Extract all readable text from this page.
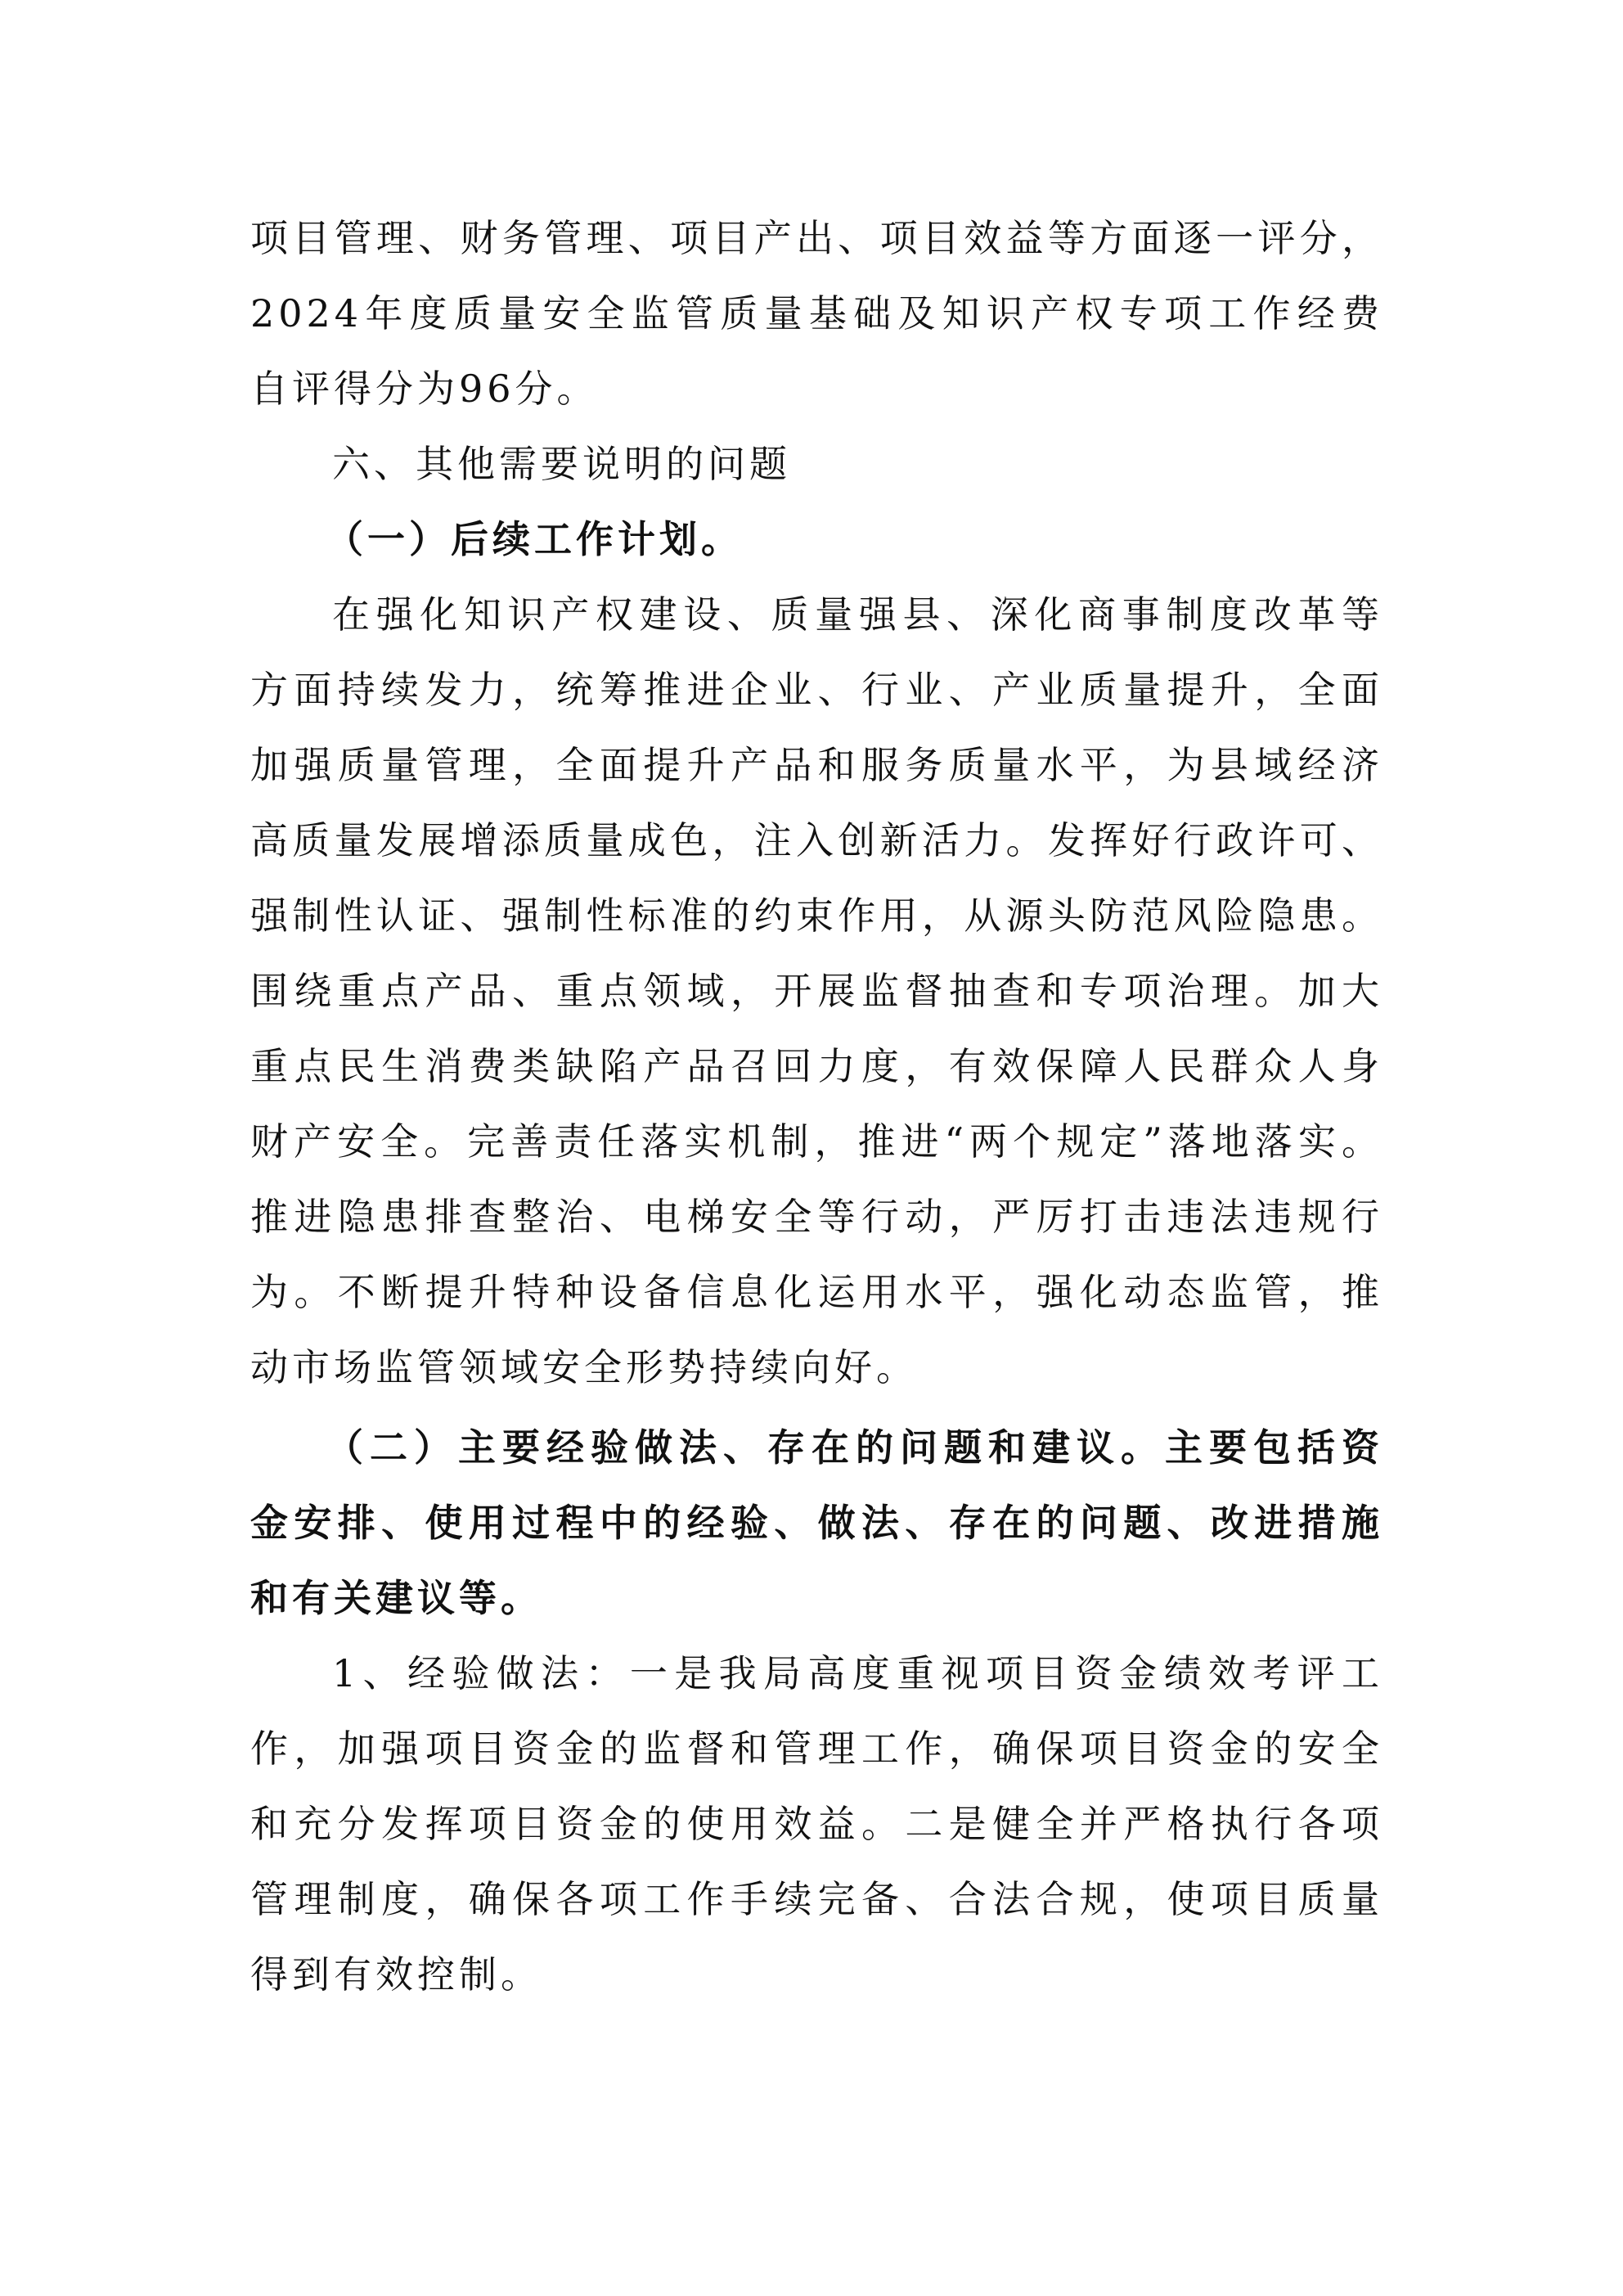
项目管理、财务管理、项目产出、项目效益等方面逐一评分，
2024年度质量安全监管质量基础及知识产权专项工作经费
自评得分为96分。
六、其他需要说明的问题
（一）后续工作计划。
在强化知识产权建设、质量强县、深化商事制度改革等
方面持续发力，统筹推进企业、行业、产业质量提升，全面
加强质量管理，全面提升产品和服务质量水平，为县域经济
高质量发展增添质量成色，注入创新活力。发挥好行政许可、
强制性认证、强制性标准的约束作用，从源头防范风险隐患。
围绕重点产品、重点领域，开展监督抽查和专项治理。加大
重点民生消费类缺陷产品召回力度，有效保障人民群众人身
财产安全。完善责任落实机制，推进“两个规定”落地落实。
推进隐患排查整治、电梯安全等行动，严厉打击违法违规行
为。不断提升特种设备信息化运用水平，强化动态监管，推
动市场监管领域安全形势持续向好。
（二）主要经验做法、存在的问题和建议。主要包括资
金安排、使用过程中的经验、做法、存在的问题、改进措施
和有关建议等。
1、经验做法：一是我局高度重视项目资金绩效考评工
作，加强项目资金的监督和管理工作，确保项目资金的安全
和充分发挥项目资金的使用效益。二是健全并严格执行各项
管理制度，确保各项工作手续完备、合法合规，使项目质量
得到有效控制。
